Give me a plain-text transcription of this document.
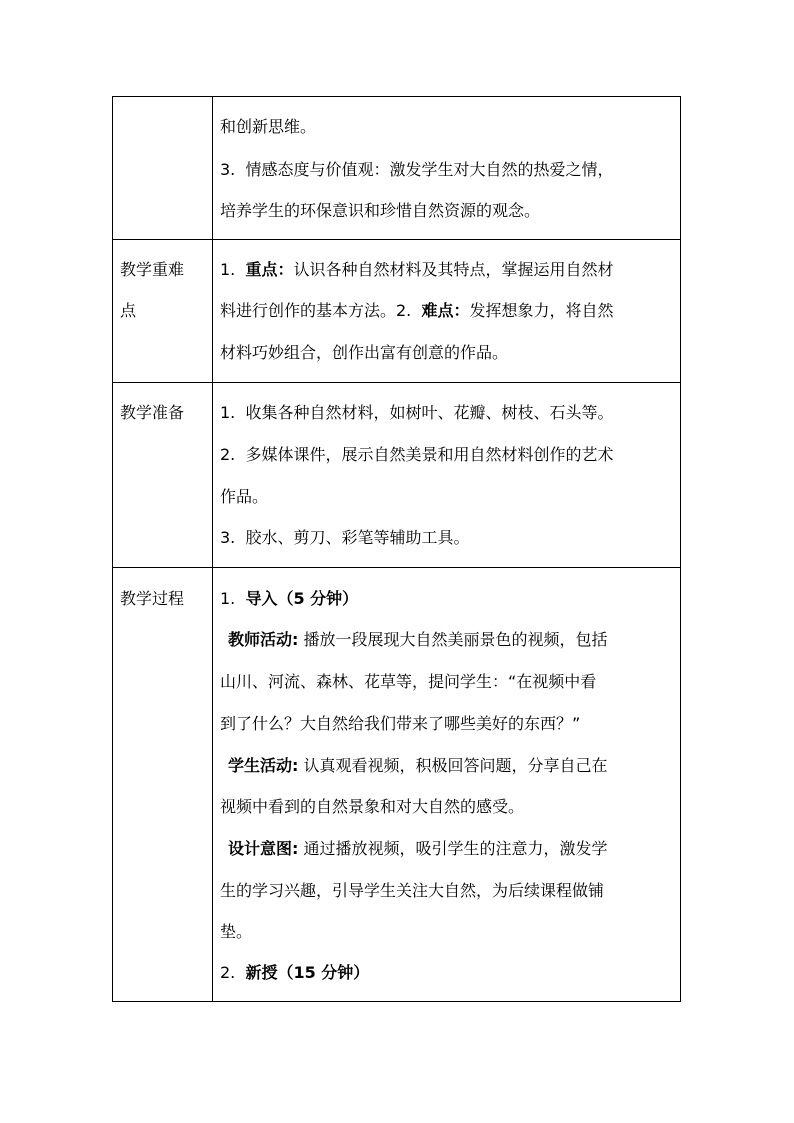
和创新思维。
3. 情感态度与价值观：激发学生对大自然的热爱之情，
培养学生的环保意识和珍惜自然资源的观念。
教学重难
点
1. 重点：认识各种自然材料及其特点，掌握运用自然材
料进行创作的基本方法。2. 难点：发挥想象力，将自然
材料巧妙组合，创作出富有创意的作品。
教学准备 1. 收集各种自然材料，如树叶、花瓣、树枝、石头等。
2. 多媒体课件，展示自然美景和用自然材料创作的艺术
作品。
3. 胶水、剪刀、彩笔等辅助工具。
教学过程 1. 导入（5 分钟）
教师活动: 播放一段展现大自然美丽景色的视频，包括
山川、河流、森林、花草等，提问学生：“在视频中看
到了什么？大自然给我们带来了哪些美好的东西？”
学生活动: 认真观看视频，积极回答问题，分享自己在
视频中看到的自然景象和对大自然的感受。
设计意图: 通过播放视频，吸引学生的注意力，激发学
生的学习兴趣，引导学生关注大自然，为后续课程做铺
垫。
2. 新授（15 分钟）
